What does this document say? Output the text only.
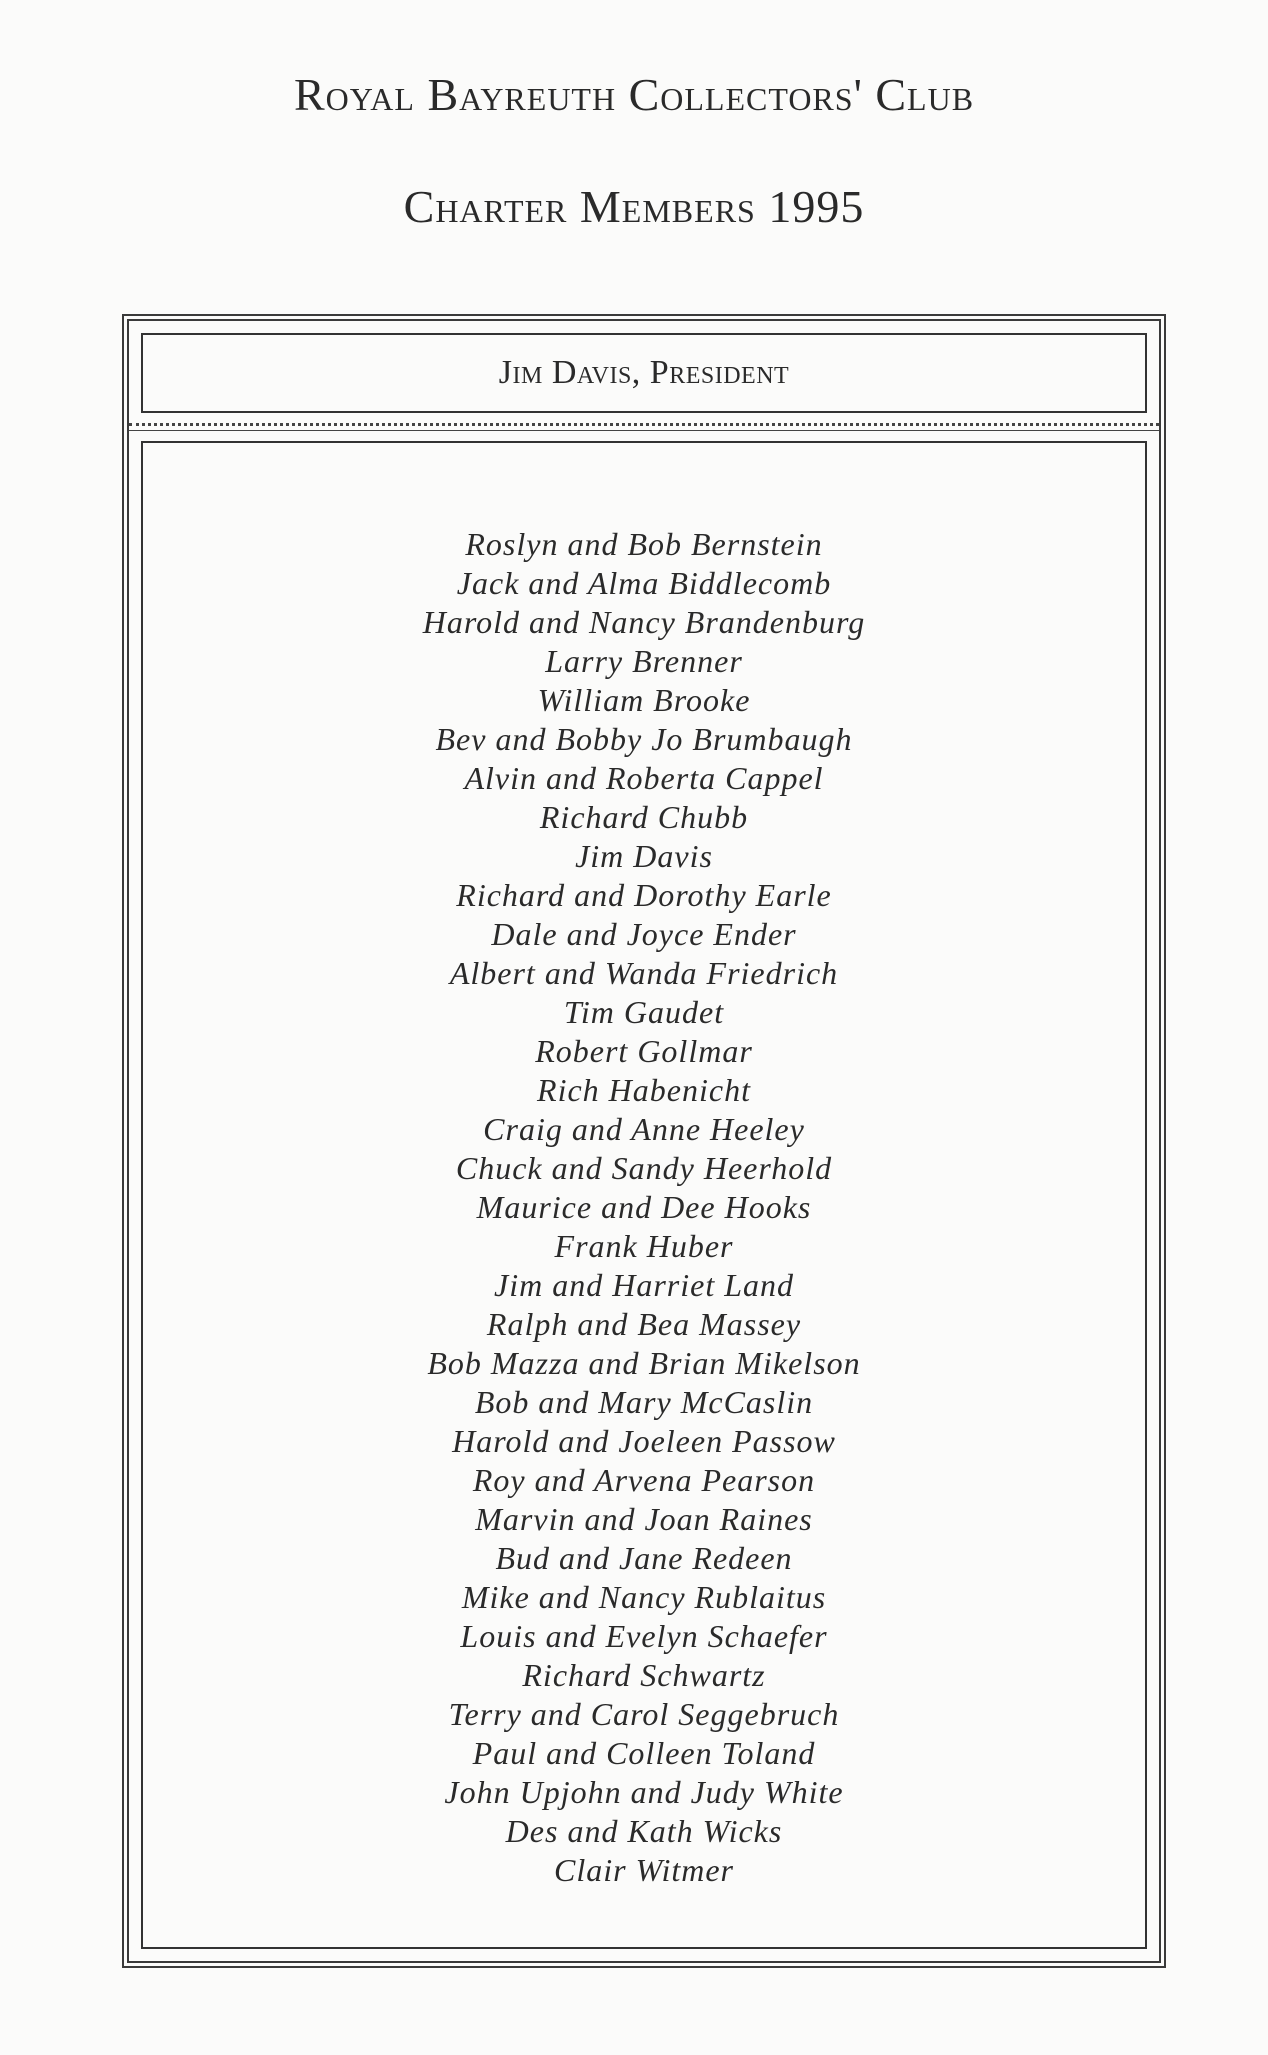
Royal Bayreuth Collectors' Club
Charter Members 1995
Jim Davis, President
Roslyn and Bob Bernstein
Jack and Alma Biddlecomb
Harold and Nancy Brandenburg
Larry Brenner
William Brooke
Bev and Bobby Jo Brumbaugh
Alvin and Roberta Cappel
Richard Chubb
Jim Davis
Richard and Dorothy Earle
Dale and Joyce Ender
Albert and Wanda Friedrich
Tim Gaudet
Robert Gollmar
Rich Habenicht
Craig and Anne Heeley
Chuck and Sandy Heerhold
Maurice and Dee Hooks
Frank Huber
Jim and Harriet Land
Ralph and Bea Massey
Bob Mazza and Brian Mikelson
Bob and Mary McCaslin
Harold and Joeleen Passow
Roy and Arvena Pearson
Marvin and Joan Raines
Bud and Jane Redeen
Mike and Nancy Rublaitus
Louis and Evelyn Schaefer
Richard Schwartz
Terry and Carol Seggebruch
Paul and Colleen Toland
John Upjohn and Judy White
Des and Kath Wicks
Clair Witmer
